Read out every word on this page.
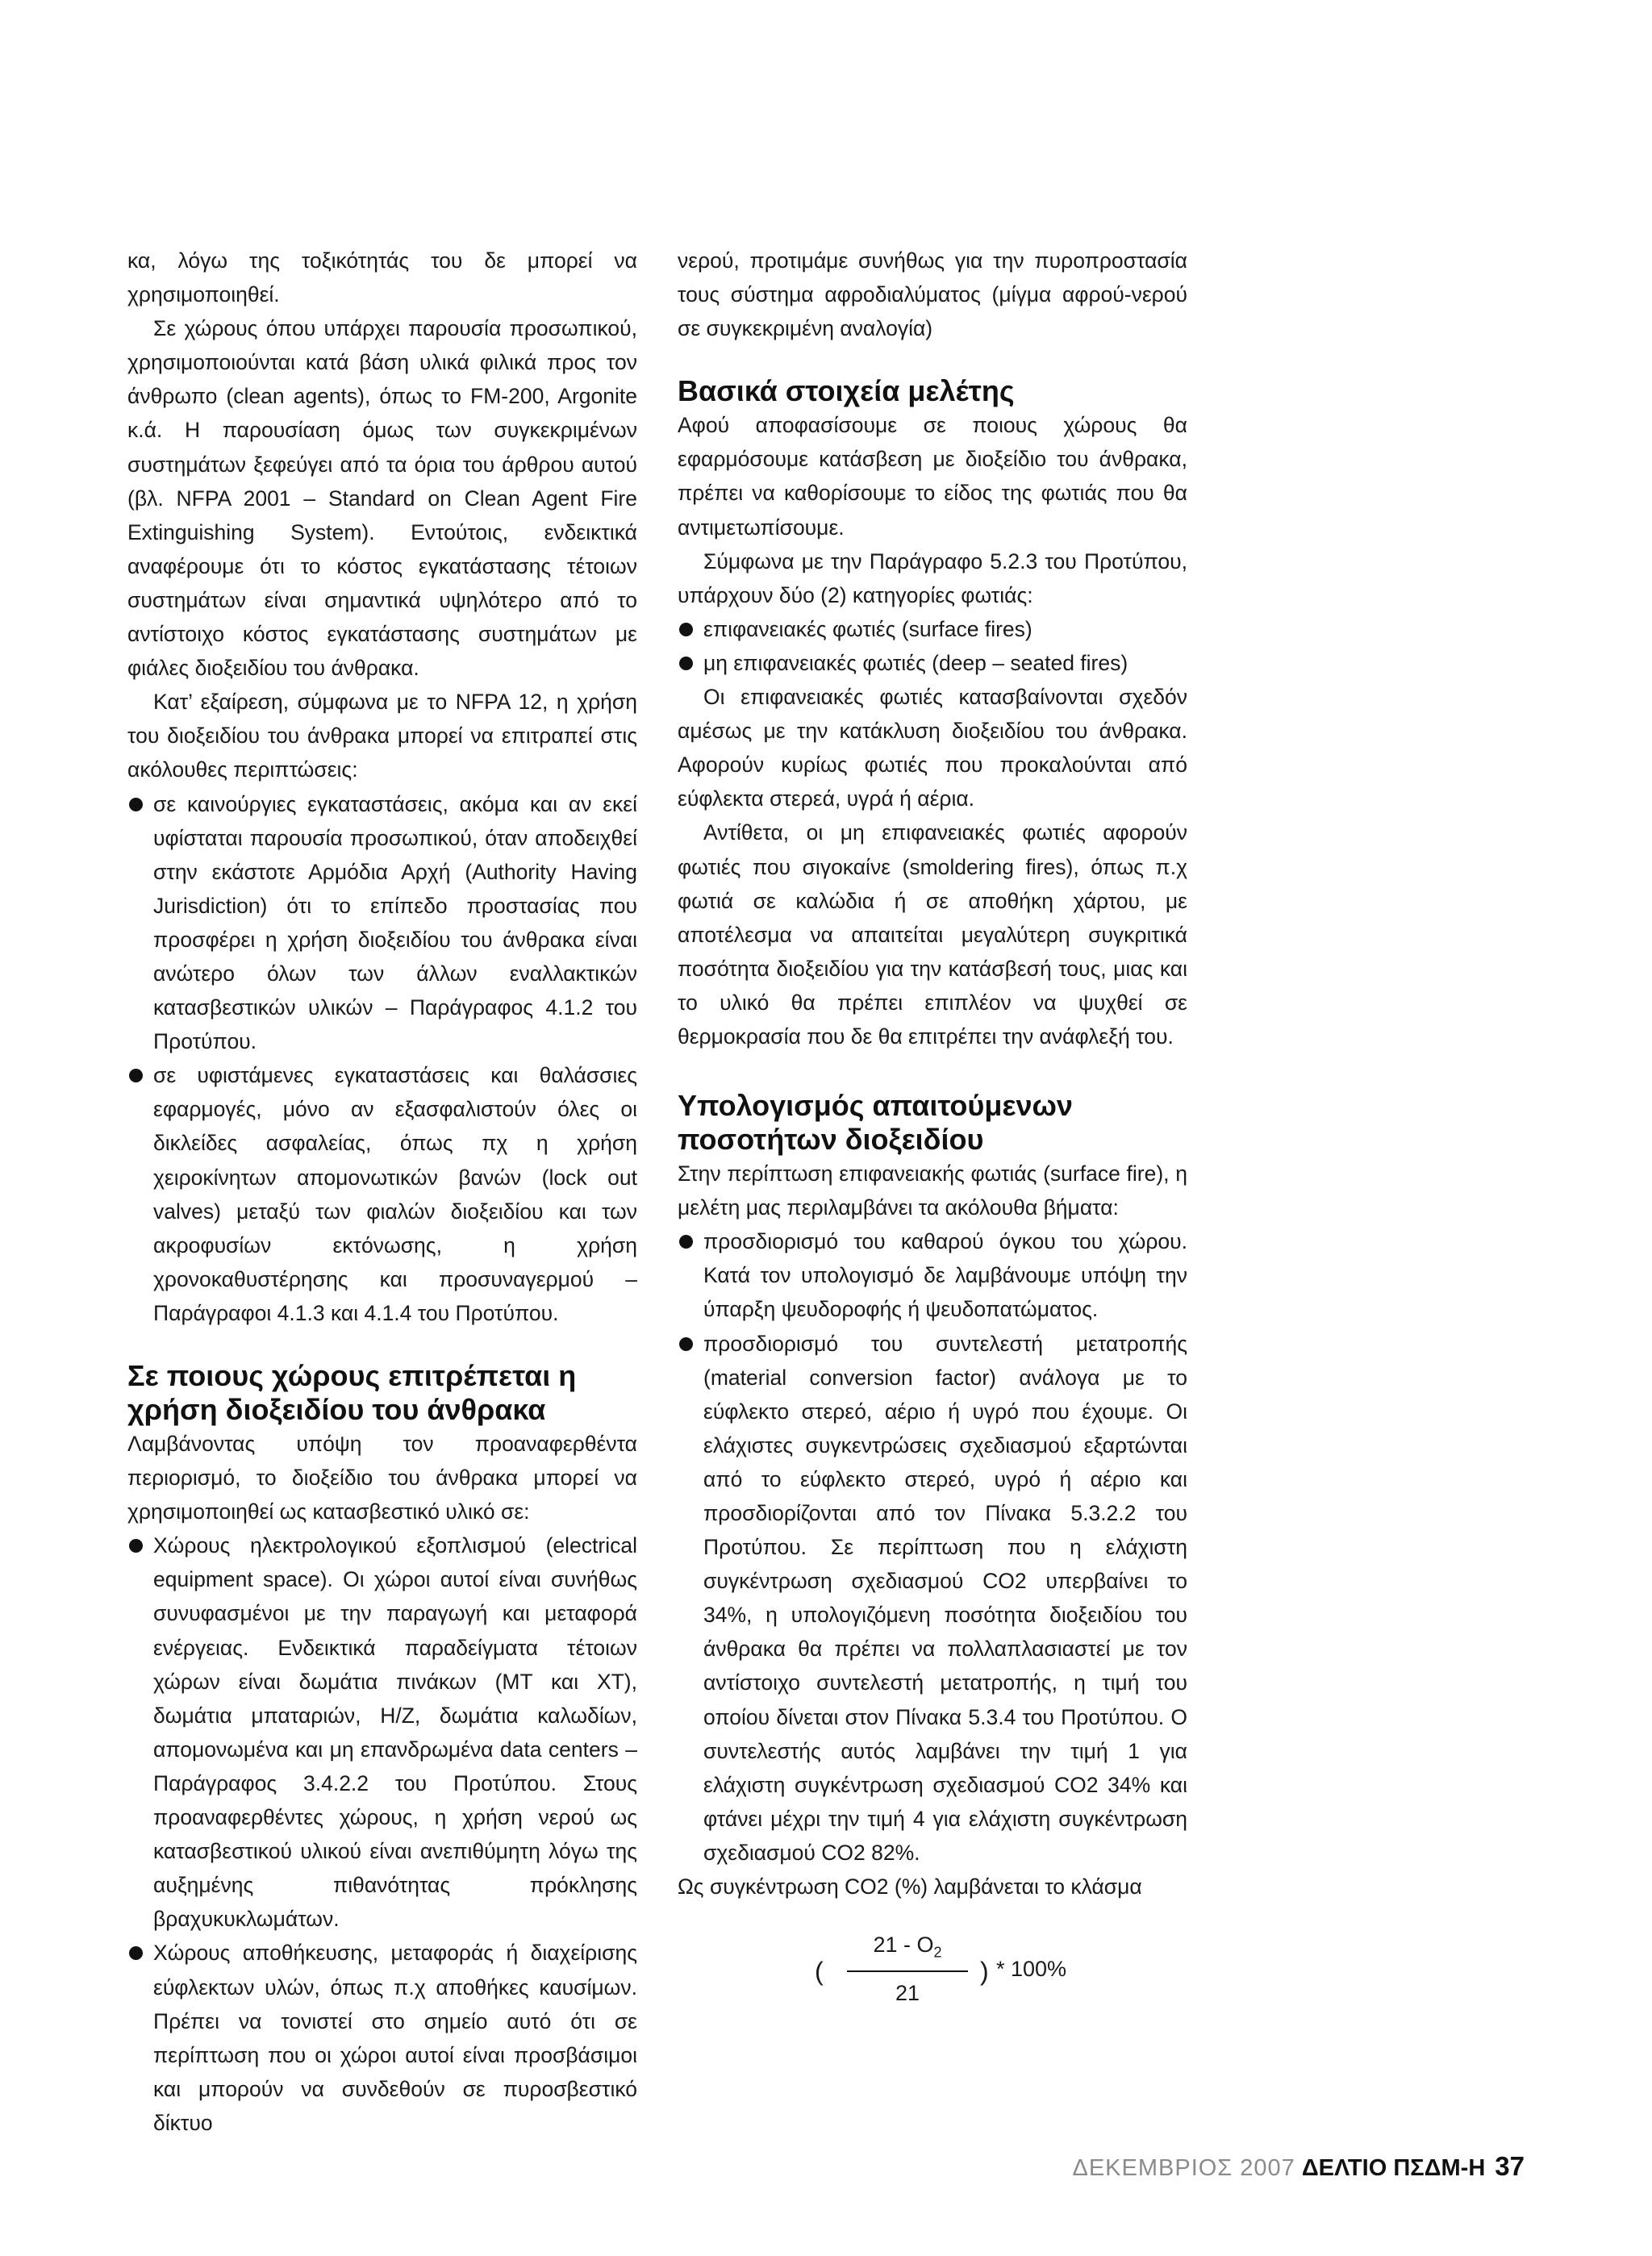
κα, λόγω της τοξικότητάς του δε μπορεί να χρησιμοποιηθεί.

Σε χώρους όπου υπάρχει παρουσία προσωπικού, χρησιμοποιούνται κατά βάση υλικά φιλικά προς τον άνθρωπο (clean agents), όπως το FM-200, Argonite κ.ά. Η παρουσίαση όμως των συγκεκριμένων συστημάτων ξεφεύγει από τα όρια του άρθρου αυτού (βλ. NFPA 2001 – Standard on Clean Agent Fire Extinguishing System). Εντούτοις, ενδεικτικά αναφέρουμε ότι το κόστος εγκατάστασης τέτοιων συστημάτων είναι σημαντικά υψηλότερο από το αντίστοιχο κόστος εγκατάστασης συστημάτων με φιάλες διοξειδίου του άνθρακα.

Κατ’ εξαίρεση, σύμφωνα με το NFPA 12, η χρήση του διοξειδίου του άνθρακα μπορεί να επιτραπεί στις ακόλουθες περιπτώσεις:

σε καινούργιες εγκαταστάσεις, ακόμα και αν εκεί υφίσταται παρουσία προσωπικού, όταν αποδειχθεί στην εκάστοτε Αρμόδια Αρχή (Authority Having Jurisdiction) ότι το επίπεδο προστασίας που προσφέρει η χρήση διοξειδίου του άνθρακα είναι ανώτερο όλων των άλλων εναλλακτικών κατασβεστικών υλικών – Παράγραφος 4.1.2 του Προτύπου.
σε υφιστάμενες εγκαταστάσεις και θαλάσσιες εφαρμογές, μόνο αν εξασφαλιστούν όλες οι δικλείδες ασφαλείας, όπως πχ η χρήση χειροκίνητων απομονωτικών βανών (lock out valves) μεταξύ των φιαλών διοξειδίου και των ακροφυσίων εκτόνωσης, η χρήση χρονοκαθυστέρησης και προσυναγερμού – Παράγραφοι 4.1.3 και 4.1.4 του Προτύπου.
Σε ποιους χώρους επιτρέπεται η χρήση διοξειδίου του άνθρακα

Λαμβάνοντας υπόψη τον προαναφερθέντα περιορισμό, το διοξείδιο του άνθρακα μπορεί να χρησιμοποιηθεί ως κατασβεστικό υλικό σε:

Χώρους ηλεκτρολογικού εξοπλισμού (electrical equipment space). Οι χώροι αυτοί είναι συνήθως συνυφασμένοι με την παραγωγή και μεταφορά ενέργειας. Ενδεικτικά παραδείγματα τέτοιων χώρων είναι δωμάτια πινάκων (ΜΤ και ΧΤ), δωμάτια μπαταριών, Η/Ζ, δωμάτια καλωδίων, απομονωμένα και μη επανδρωμένα data centers – Παράγραφος 3.4.2.2 του Προτύπου. Στους προαναφερθέντες χώρους, η χρήση νερού ως κατασβεστικού υλικού είναι ανεπιθύμητη λόγω της αυξημένης πιθανότητας πρόκλησης βραχυκυκλωμάτων.
Χώρους αποθήκευσης, μεταφοράς ή διαχείρισης εύφλεκτων υλών, όπως π.χ αποθήκες καυσίμων. Πρέπει να τονιστεί στο σημείο αυτό ότι σε περίπτωση που οι χώροι αυτοί είναι προσβάσιμοι και μπορούν να συνδεθούν σε πυροσβεστικό δίκτυο

νερού, προτιμάμε συνήθως για την πυροπροστασία τους σύστημα αφροδιαλύματος (μίγμα αφρού-νερού σε συγκεκριμένη αναλογία)

Βασικά στοιχεία μελέτης

Αφού αποφασίσουμε σε ποιους χώρους θα εφαρμόσουμε κατάσβεση με διοξείδιο του άνθρακα, πρέπει να καθορίσουμε το είδος της φωτιάς που θα αντιμετωπίσουμε.

Σύμφωνα με την Παράγραφο 5.2.3 του Προτύπου, υπάρχουν δύο (2) κατηγορίες φωτιάς:

επιφανειακές φωτιές (surface fires)
μη επιφανειακές φωτιές (deep – seated fires)

Οι επιφανειακές φωτιές κατασβαίνονται σχεδόν αμέσως με την κατάκλυση διοξειδίου του άνθρακα. Αφορούν κυρίως φωτιές που προκαλούνται από εύφλεκτα στερεά, υγρά ή αέρια.

Αντίθετα, οι μη επιφανειακές φωτιές αφορούν φωτιές που σιγοκαίνε (smoldering fires), όπως π.χ φωτιά σε καλώδια ή σε αποθήκη χάρτου, με αποτέλεσμα να απαιτείται μεγαλύτερη συγκριτικά ποσότητα διοξειδίου για την κατάσβεσή τους, μιας και το υλικό θα πρέπει επιπλέον να ψυχθεί σε θερμοκρασία που δε θα επιτρέπει την ανάφλεξή του.

Υπολογισμός απαιτούμενων ποσοτήτων διοξειδίου

Στην περίπτωση επιφανειακής φωτιάς (surface fire), η μελέτη μας περιλαμβάνει τα ακόλουθα βήματα:

προσδιορισμό του καθαρού όγκου του χώρου. Κατά τον υπολογισμό δε λαμβάνουμε υπόψη την ύπαρξη ψευδοροφής ή ψευδοπατώματος.
προσδιορισμό του συντελεστή μετατροπής (material conversion factor) ανάλογα με το εύφλεκτο στερεό, αέριο ή υγρό που έχουμε. Οι ελάχιστες συγκεντρώσεις σχεδιασμού εξαρτώνται από το εύφλεκτο στερεό, υγρό ή αέριο και προσδιορίζονται από τον Πίνακα 5.3.2.2 του Προτύπου. Σε περίπτωση που η ελάχιστη συγκέντρωση σχεδιασμού CO2 υπερβαίνει το 34%, η υπολογιζόμενη ποσότητα διοξειδίου του άνθρακα θα πρέπει να πολλαπλασιαστεί με τον αντίστοιχο συντελεστή μετατροπής, η τιμή του οποίου δίνεται στον Πίνακα 5.3.4 του Προτύπου. Ο συντελεστής αυτός λαμβάνει την τιμή 1 για ελάχιστη συγκέντρωση σχεδιασμού CO2 34% και φτάνει μέχρι την τιμή 4 για ελάχιστη συγκέντρωση σχεδιασμού CO2 82%.

Ως συγκέντρωση CO2 (%) λαμβάνεται το κλάσμα

(
$21 - O_2$
21
) * 100%
ΔΕΚΕΜΒΡΙΟΣ 2007 ΔΕΛΤΙΟ ΠΣΔΜ-Η 37
